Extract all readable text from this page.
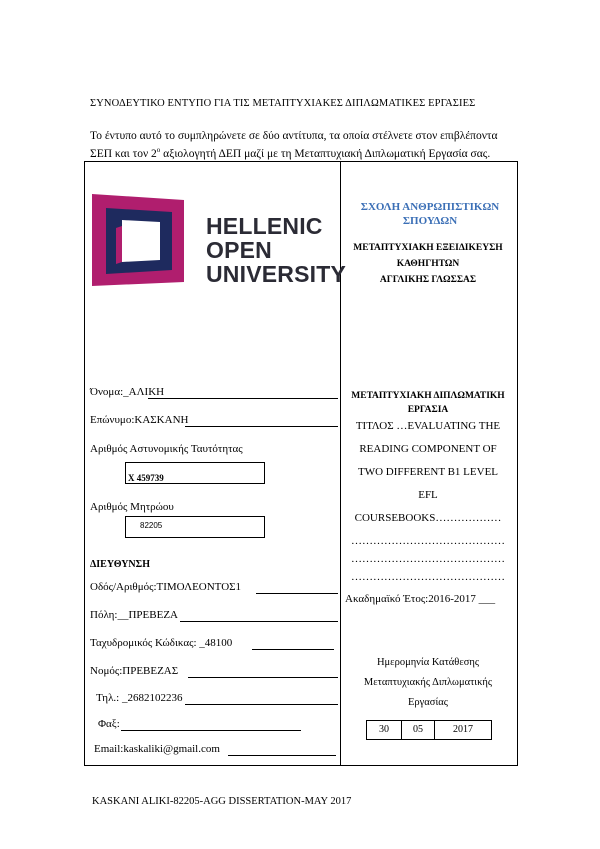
ΣΥΝΟΔΕΥΤΙΚΟ ΕΝΤΥΠΟ ΓΙΑ ΤΙΣ ΜΕΤΑΠΤΥΧΙΑΚΕΣ ΔΙΠΛΩΜΑΤΙΚΕΣ ΕΡΓΑΣΙΕΣ
Το έντυπο αυτό το συμπληρώνετε σε δύο αντίτυπα, τα οποία στέλνετε στον επιβλέποντα
ΣΕΠ και τον $2^o$ αξιολογητή ΔΕΠ μαζί με τη Μεταπτυχιακή Διπλωματική Εργασία σας.
HELLENIC
OPEN
UNIVERSITY
ΣΧΟΛΗ ΑΝΘΡΩΠΙΣΤΙΚΩΝ
ΣΠΟΥΔΩΝ
ΜΕΤΑΠΤΥΧΙΑΚΗ ΕΞΕΙΔΙΚΕΥΣΗ
ΚΑΘΗΓΗΤΩΝ
ΑΓΓΛΙΚΗΣ ΓΛΩΣΣΑΣ
ΜΕΤΑΠΤΥΧΙΑΚΗ ΔΙΠΛΩΜΑΤΙΚΗ
ΕΡΓΑΣΙΑ
ΤΙΤΛΟΣ …EVALUATING THE
READING COMPONENT OF
TWO DIFFERENT B1 LEVEL
EFL
COURSEBOOKS………………
……………………………………
……………………………………
……………………………………
Ακαδημαϊκό Έτος:2016-2017 ___
Ημερομηνία Κατάθεσης
Μεταπτυχιακής Διπλωματικής
Εργασίας
30	05	2017
Όνομα:_ΑΛΙΚΗ
Επώνυμο:ΚΑΣΚΑΝΗ
Αριθμός Αστυνομικής Ταυτότητας
Χ 459739
Αριθμός Μητρώου
82205
ΔΙΕΥΘΥΝΣΗ
Οδός/Αριθμός:ΤΙΜΟΛΕΟΝΤΟΣ1
Πόλη:__ΠΡΕΒΕΖΑ
Ταχυδρομικός Κώδικας: _48100
Νομός:ΠΡΕΒΕΖΑΣ
Τηλ.: _2682102236
Φαξ:
Email:kaskaliki@gmail.com
KASKANI ALIKI-82205-AGG DISSERTATION-MAY 2017
